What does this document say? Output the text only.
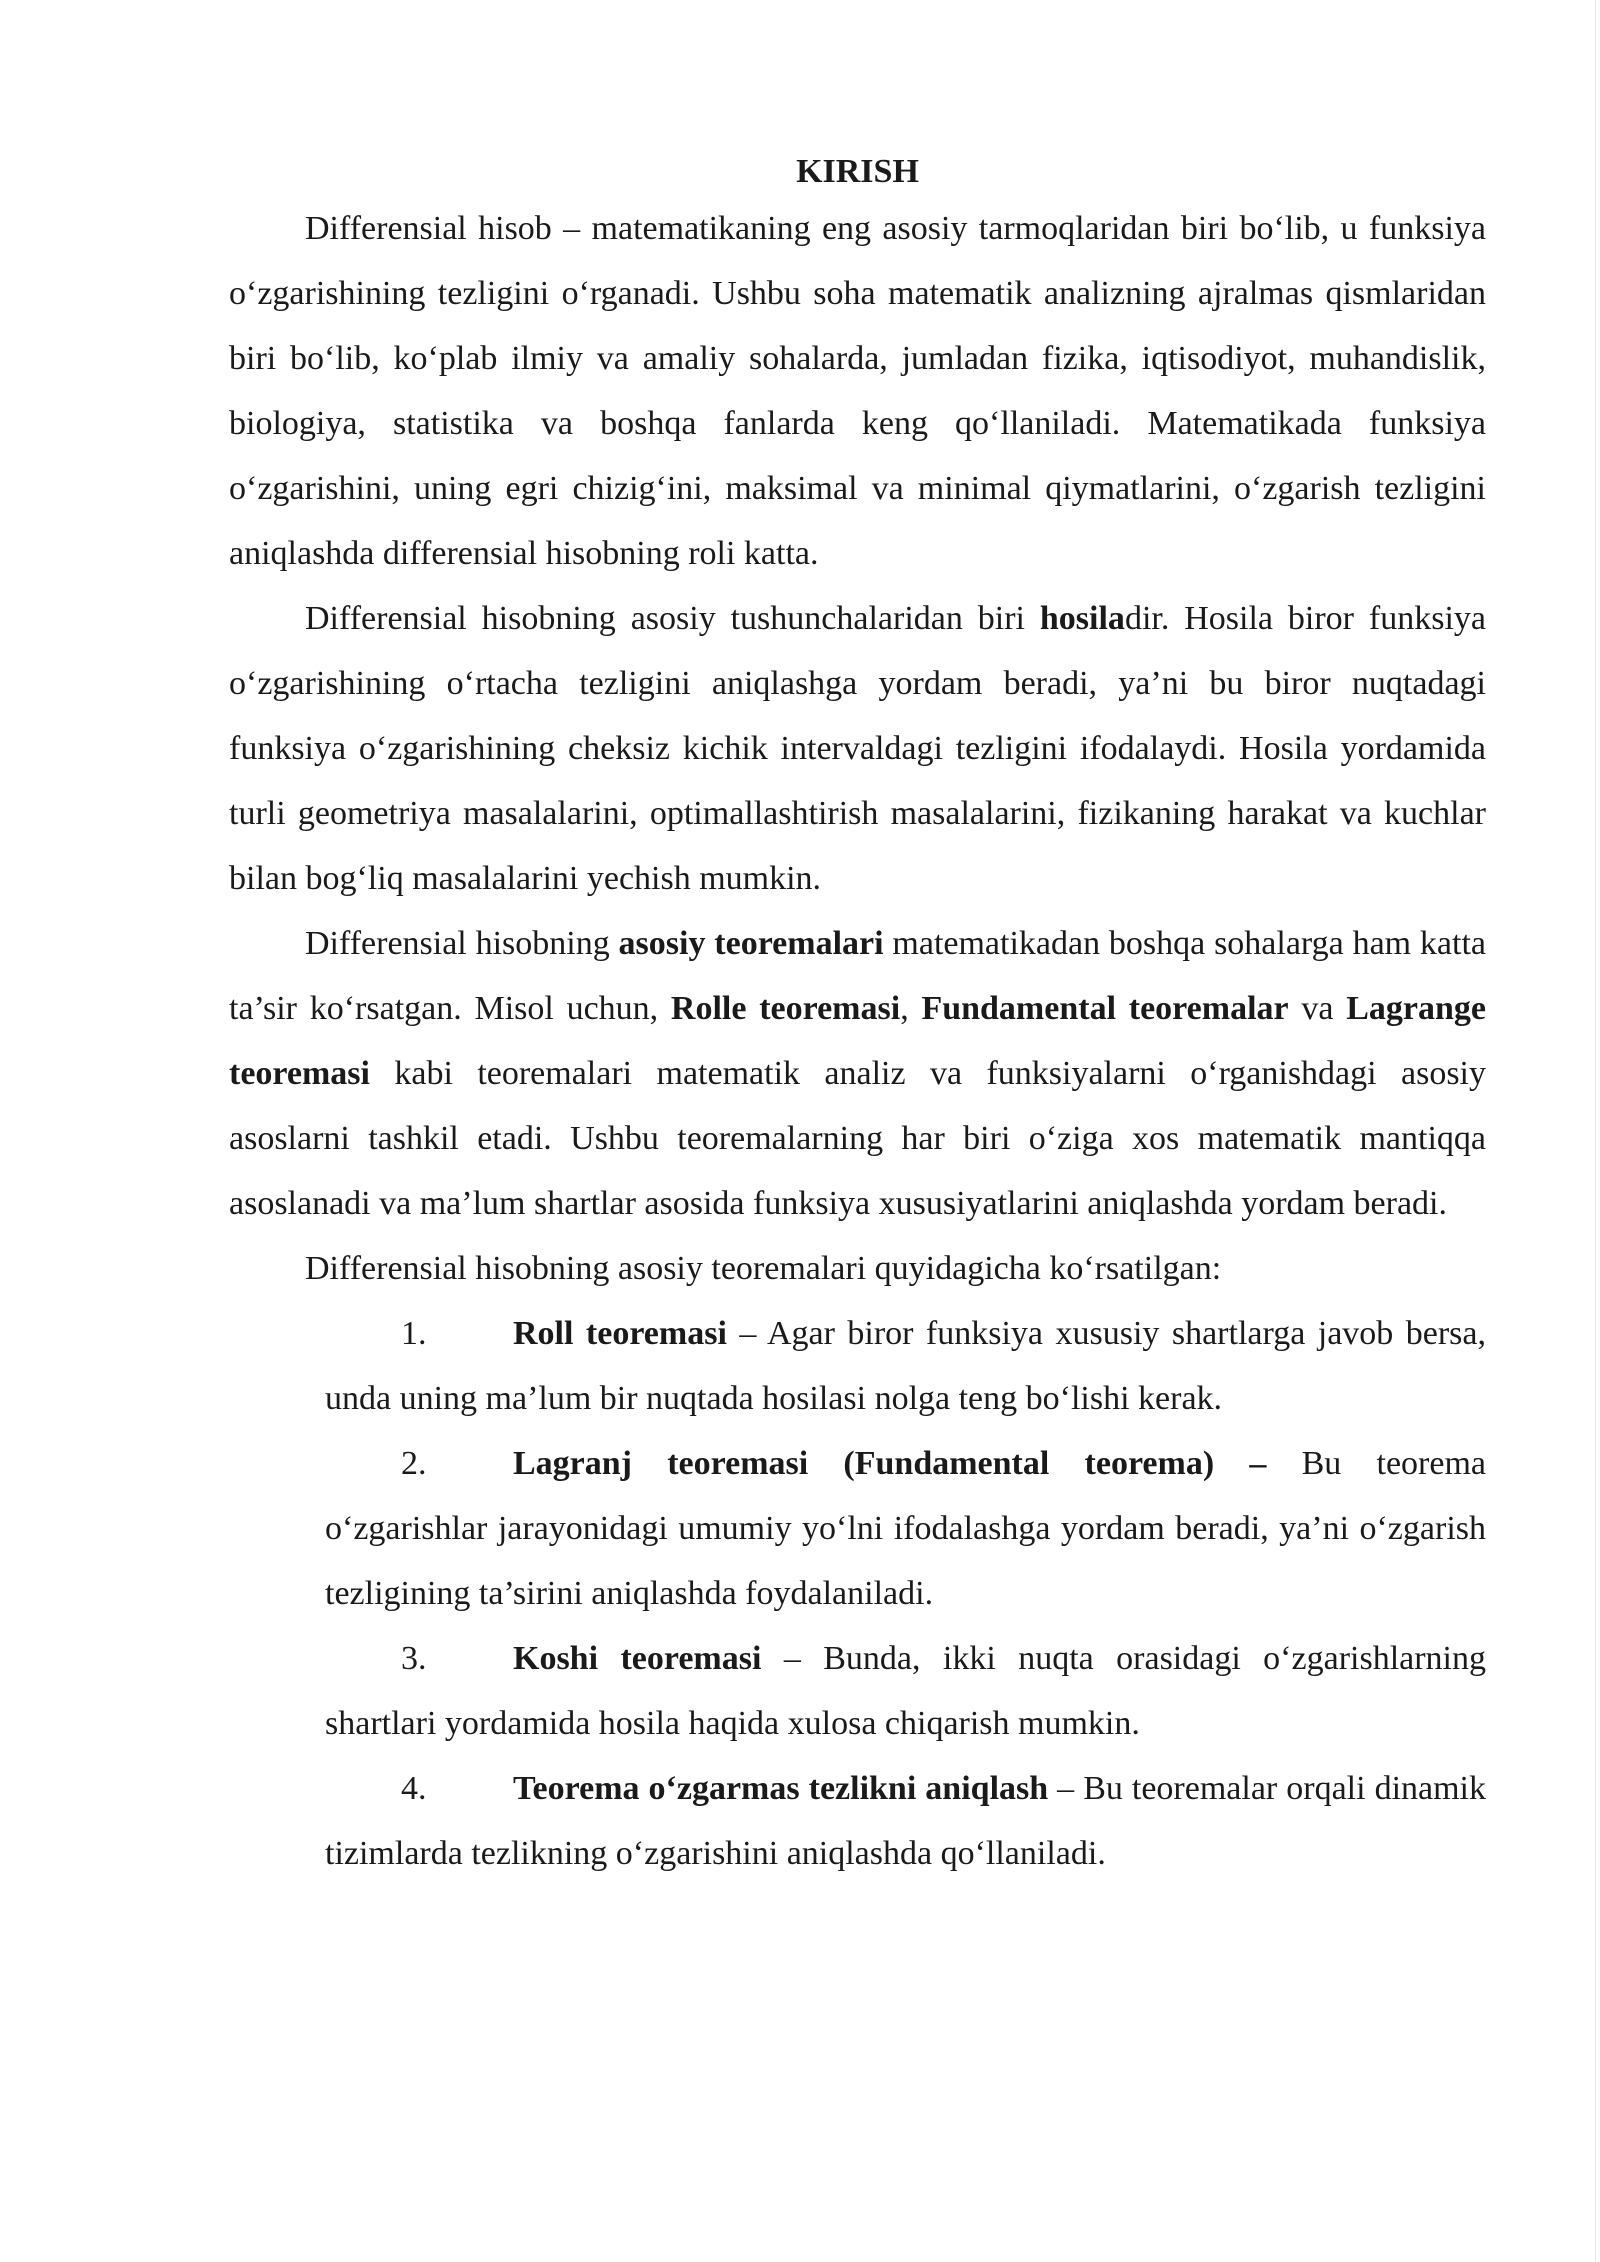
KIRISH

Differensial hisob – matematikaning eng asosiy tarmoqlaridan biri bo‘lib, u funksiya o‘zgarishining tezligini o‘rganadi. Ushbu soha matematik analizning ajralmas qismlaridan biri bo‘lib, ko‘plab ilmiy va amaliy sohalarda, jumladan fizika, iqtisodiyot, muhandislik, biologiya, statistika va boshqa fanlarda keng qo‘llaniladi. Matematikada funksiya o‘zgarishini, uning egri chizig‘ini, maksimal va minimal qiymatlarini, o‘zgarish tezligini aniqlashda differensial hisobning roli katta.

Differensial hisobning asosiy tushunchalaridan biri hosiladir. Hosila biror funksiya o‘zgarishining o‘rtacha tezligini aniqlashga yordam beradi, ya’ni bu biror nuqtadagi funksiya o‘zgarishining cheksiz kichik intervaldagi tezligini ifodalaydi. Hosila yordamida turli geometriya masalalarini, optimallashtirish masalalarini, fizikaning harakat va kuchlar bilan bog‘liq masalalarini yechish mumkin.

Differensial hisobning asosiy teoremalari matematikadan boshqa sohalarga ham katta ta’sir ko‘rsatgan. Misol uchun, Rolle teoremasi, Fundamental teoremalar va Lagrange teoremasi kabi teoremalari matematik analiz va funksiyalarni o‘rganishdagi asosiy asoslarni tashkil etadi. Ushbu teoremalarning har biri o‘ziga xos matematik mantiqqa asoslanadi va ma’lum shartlar asosida funksiya xususiyatlarini aniqlashda yordam beradi.

Differensial hisobning asosiy teoremalari quyidagicha ko‘rsatilgan:

1.	Roll teoremasi – Agar biror funksiya xususiy shartlarga javob bersa, unda uning ma’lum bir nuqtada hosilasi nolga teng bo‘lishi kerak.
2.	Lagranj teoremasi (Fundamental teorema) – Bu teorema o‘zgarishlar jarayonidagi umumiy yo‘lni ifodalashga yordam beradi, ya’ni o‘zgarish tezligining ta’sirini aniqlashda foydalaniladi.
3.	Koshi teoremasi – Bunda, ikki nuqta orasidagi o‘zgarishlarning shartlari yordamida hosila haqida xulosa chiqarish mumkin.
4.	Teorema o‘zgarmas tezlikni aniqlash – Bu teoremalar orqali dinamik tizimlarda tezlikning o‘zgarishini aniqlashda qo‘llaniladi.
